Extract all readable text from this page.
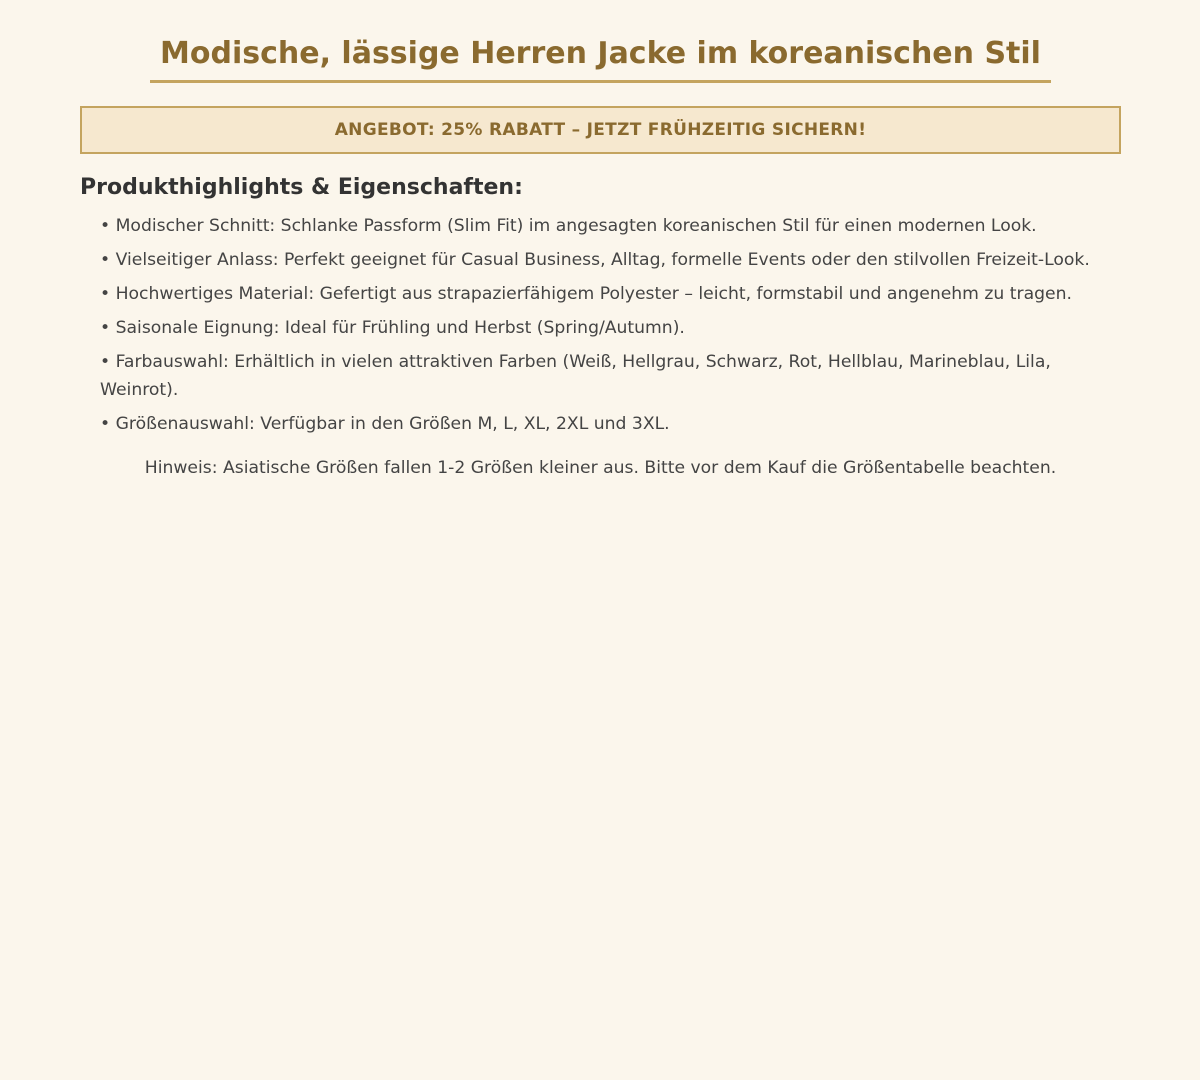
Modische, lässige Herren Jacke im koreanischen Stil
ANGEBOT: 25% RABATT – JETZT FRÜHZEITIG SICHERN!
Produkthighlights & Eigenschaften:
• Modischer Schnitt: Schlanke Passform (Slim Fit) im angesagten koreanischen Stil für einen modernen Look.
• Vielseitiger Anlass: Perfekt geeignet für Casual Business, Alltag, formelle Events oder den stilvollen Freizeit-Look.
• Hochwertiges Material: Gefertigt aus strapazierfähigem Polyester – leicht, formstabil und angenehm zu tragen.
• Saisonale Eignung: Ideal für Frühling und Herbst (Spring/Autumn).
• Farbauswahl: Erhältlich in vielen attraktiven Farben (Weiß, Hellgrau, Schwarz, Rot, Hellblau, Marineblau, Lila, Weinrot).
• Größenauswahl: Verfügbar in den Größen M, L, XL, 2XL und 3XL.

Hinweis: Asiatische Größen fallen 1-2 Größen kleiner aus. Bitte vor dem Kauf die Größentabelle beachten.
